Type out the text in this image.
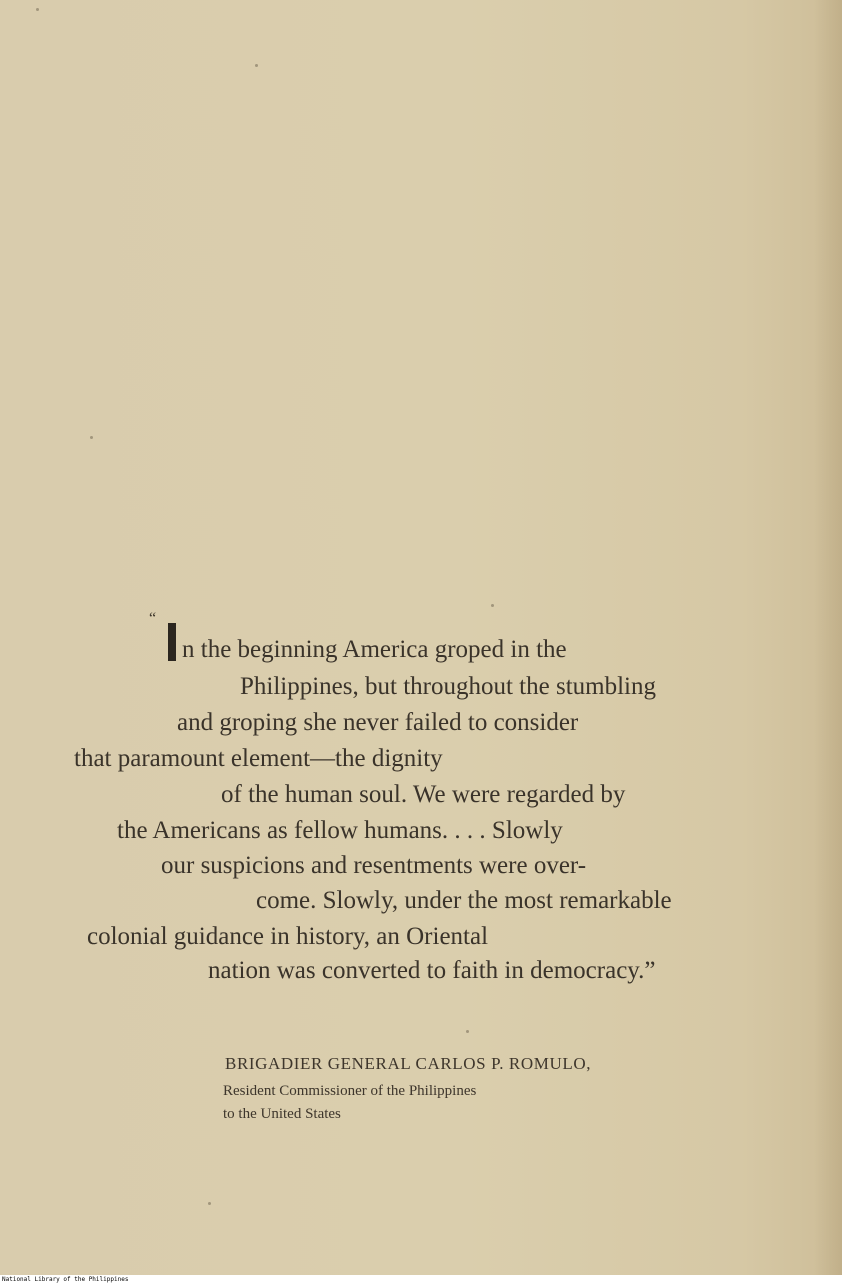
“

n the beginning America groped in the

Philippines, but throughout the stumbling

and groping she never failed to consider

that paramount element—the dignity

of the human soul. We were regarded by

the Americans as fellow humans. . . . Slowly

our suspicions and resentments were over-

come. Slowly, under the most remarkable

colonial guidance in history, an Oriental

nation was converted to faith in democracy.”

BRIGADIER GENERAL CARLOS P. ROMULO,

Resident Commissioner of the Philippines

to the United States

National Library of the Philippines
